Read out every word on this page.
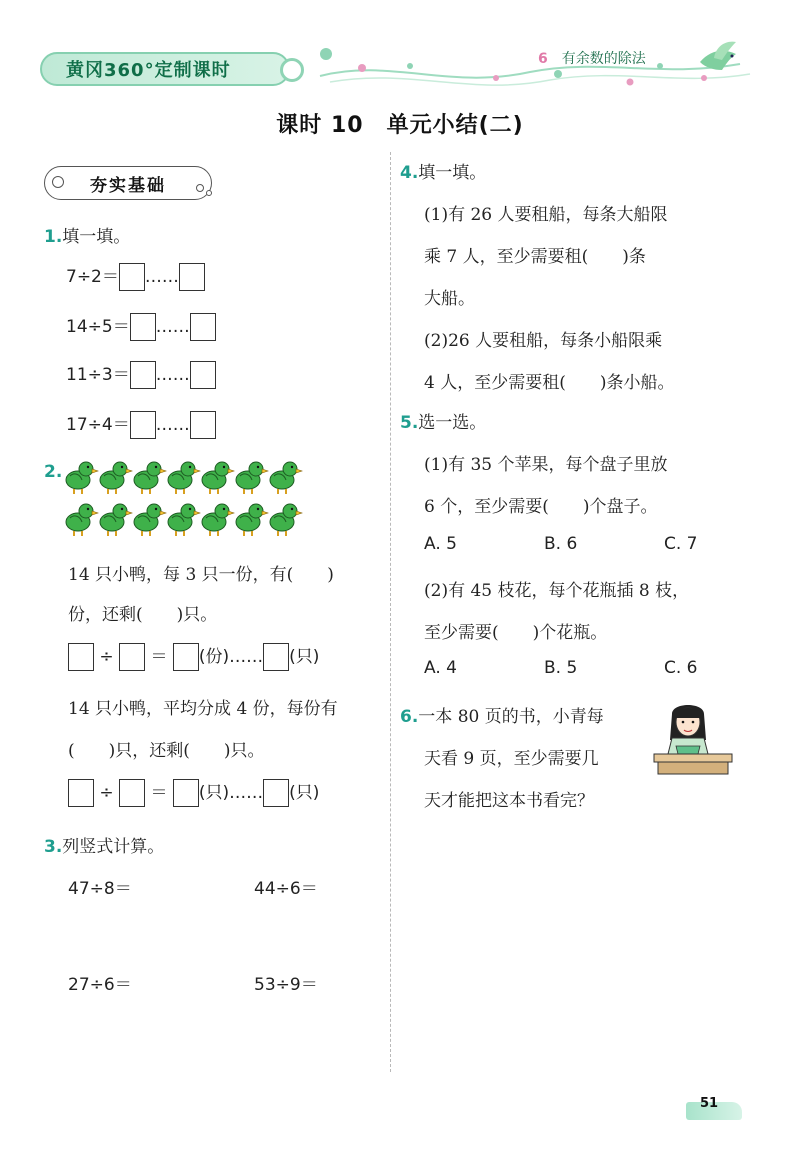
黄冈360°定制课时
6 有余数的除法
课时 10　单元小结(二)
夯实基础
1.填一填。
7÷2＝ ……
14÷5＝ ……
11÷3＝ ……
17÷4＝ ……
2.
14 只小鸭，每 3 只一份，有(　　)
份，还剩(　　)只。
÷ ＝ (份)…… (只)
14 只小鸭，平均分成 4 份，每份有
(　　)只，还剩(　　)只。
÷ ＝ (只)…… (只)
3.列竖式计算。
47÷8＝	44÷6＝
27÷6＝	53÷9＝
4.填一填。
(1)有 26 人要租船，每条大船限
乘 7 人，至少需要租(　　)条
大船。
(2)26 人要租船，每条小船限乘
4 人，至少需要租(　　)条小船。
5.选一选。
(1)有 35 个苹果，每个盘子里放
6 个，至少需要(　　)个盘子。
A. 5	B. 6	C. 7
(2)有 45 枝花，每个花瓶插 8 枝，
至少需要(　　)个花瓶。
A. 4	B. 5	C. 6
6.一本 80 页的书，小青每
天看 9 页，至少需要几
天才能把这本书看完？
51
